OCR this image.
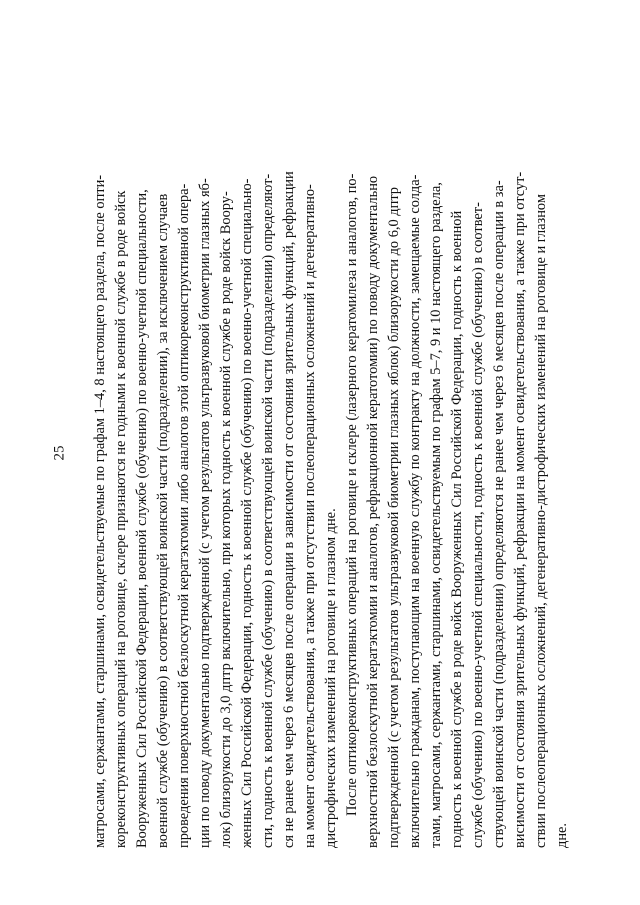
25 матросами, сержантами, старшинами, освидетельствуемые по графам 1–4, 8 настоящего раздела, после опти- кореконструктивных операций на роговице, склере признаются не годными к военной службе в роде войск Вооруженных Сил Российской Федерации, военной службе (обучению) по военно-учетной специальности, военной службе (обучению) в соответствующей воинской части (подразделении), за исключением случаев проведения поверхностной безлоскутной кератэктомии либо аналогов этой оптикореконструктивной опера- ции по поводу документально подтвержденной (с учетом результатов ультразвуковой биометрии глазных яб- лок) близорукости до 3,0 дптр включительно, при которых годность к военной службе в роде войск Воору- женных Сил Российской Федерации, годность к военной службе (обучению) по военно-учетной специально- сти, годность к военной службе (обучению) в соответствующей воинской части (подразделении) определяют- ся не ранее чем через 6 месяцев после операции в зависимости от состояния зрительных функций, рефракции на момент освидетельствования, а также при отсутствии послеоперационных осложнений и дегенеративно- дистрофических изменений на роговице и глазном дне. После оптикореконструктивных операций на роговице и склере (лазерного кератомилеза и аналогов, по- верхностной безлоскутной кератэктомии и аналогов, рефракционной кератотомии) по поводу документально подтвержденной (с учетом результатов ультразвуковой биометрии глазных яблок) близорукости до 6,0 дптр включительно гражданам, поступающим на военную службу по контракту на должности, замещаемые солда- тами, матросами, сержантами, старшинами, освидетельствуемым по графам 5–7, 9 и 10 настоящего раздела, годность к военной службе в роде войск Вооруженных Сил Российской Федерации, годность к военной службе (обучению) по военно-учетной специальности, годность к военной службе (обучению) в соответ- ствующей воинской части (подразделении) определяются не ранее чем через 6 месяцев после операции в за- висимости от состояния зрительных функций, рефракции на момент освидетельствования, а также при отсут- ствии послеоперационных осложнений, дегенеративно-дистрофических изменений на роговице и глазном дне.
